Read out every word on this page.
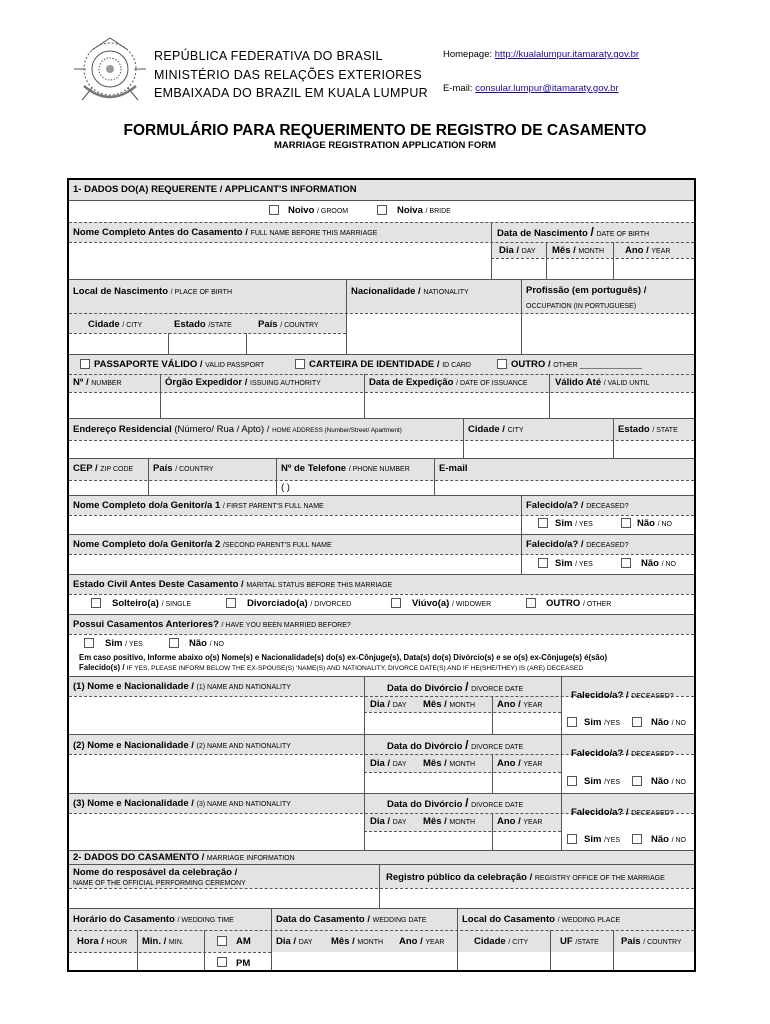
REPÚBLICA FEDERATIVA DO BRASIL
MINISTÉRIO DAS RELAÇÕES EXTERIORES
EMBAIXADA DO BRAZIL EM KUALA LUMPUR
Homepage: http://kualalumpur.itamaraty.gov.br
E-mail: consular.lumpur@itamaraty.gov.br
FORMULÁRIO PARA REQUERIMENTO DE REGISTRO DE CASAMENTO
MARRIAGE REGISTRATION APPLICATION FORM
1- DADOS DO(A) REQUERENTE / APPLICANT'S INFORMATION
Noivo / GROOM	Noiva / BRIDE
Nome Completo Antes do Casamento / FULL NAME BEFORE THIS MARRIAGE	Data de Nascimento / DATE OF BIRTH
Dia / DAY Mês / MONTH Ano / YEAR
Local de Nascimento / PLACE OF BIRTH	Nacionalidade / NATIONALITY	Profissão (em português) /
OCCUPATION (IN PORTUGUESE)
Cidade / CITY	Estado /STATE	País / COUNTRY
PASSAPORTE VÁLIDO / VALID PASSPORT	CARTEIRA DE IDENTIDADE / ID CARD	OUTRO / OTHER ________________
Nº / NUMBER	Órgão Expedidor / ISSUING AUTHORITY	Data de Expedição / DATE OF ISSUANCE	Válido Até / VALID UNTIL
Endereço Residencial (Número/ Rua / Apto) / HOME ADDRESS (Number/Street/ Apartment)	Cidade / CITY	Estado / STATE
CEP / ZIP CODE País / COUNTRY	Nº de Telefone / PHONE NUMBER	E-mail
( )
Nome Completo do/a Genitor/a 1 / FIRST PARENT'S FULL NAME	Falecido/a? / DECEASED?
Sim / YES	Não / NO
Nome Completo do/a Genitor/a 2 /SECOND PARENT'S FULL NAME	Falecido/a? / DECEASED?
Sim / YES	Não / NO
Estado Civil Antes Deste Casamento / MARITAL STATUS BEFORE THIS MARRIAGE
Solteiro(a) / SINGLE	Divorciado(a) / DIVORCED	Viúvo(a) / WIDOWER	OUTRO / OTHER
Possui Casamentos Anteriores? / HAVE YOU BEEN MARRIED BEFORE?
Sim / YES	Não / NO
Em caso positivo, Informe abaixo o(s) Nome(s) e Nacionalidade(s) do(s) ex-Cônjuge(s), Data(s) do(s) Divórcio(s) e se o(s) ex-Cônjuge(s) é(são)
Falecido(s) / IF YES, PLEASE INFORM BELOW THE EX-SPOUSE(S) 'NAME(S) AND NATIONALITY, DIVORCE DATE(S) AND IF HE(SHE/THEY) IS (ARE) DECEASED
(1) Nome e Nacionalidade / (1) NAME AND NATIONALITY	Data do Divórcio / DIVORCE DATE
Falecido/a? / DECEASED?
Dia / DAY Mês / MONTH Ano / YEAR
Sim /YES	Não / NO
(2) Nome e Nacionalidade / (2) NAME AND NATIONALITY	Data do Divórcio / DIVORCE DATE
Falecido/a? / DECEASED?
Dia / DAY Mês / MONTH Ano / YEAR
Sim /YES	Não / NO
(3) Nome e Nacionalidade / (3) NAME AND NATIONALITY	Data do Divórcio / DIVORCE DATE
Falecido/a? / DECEASED?
Dia / DAY Mês / MONTH Ano / YEAR
Sim /YES	Não / NO
2- DADOS DO CASAMENTO / MARRIAGE INFORMATION
Nome do resposável da celebração /
NAME OF THE OFFICIAL PERFORMING CEREMONY
Registro público da celebração / REGISTRY OFFICE OF THE MARRIAGE
Horário do Casamento / WEDDING TIME	Data do Casamento / WEDDING DATE	Local do Casamento / WEDDING PLACE
Hora / HOUR Min. / MIN.	AM
PM
Dia / DAY Mês / MONTH Ano / YEAR	Cidade / CITY	UF /STATE País / COUNTRY
